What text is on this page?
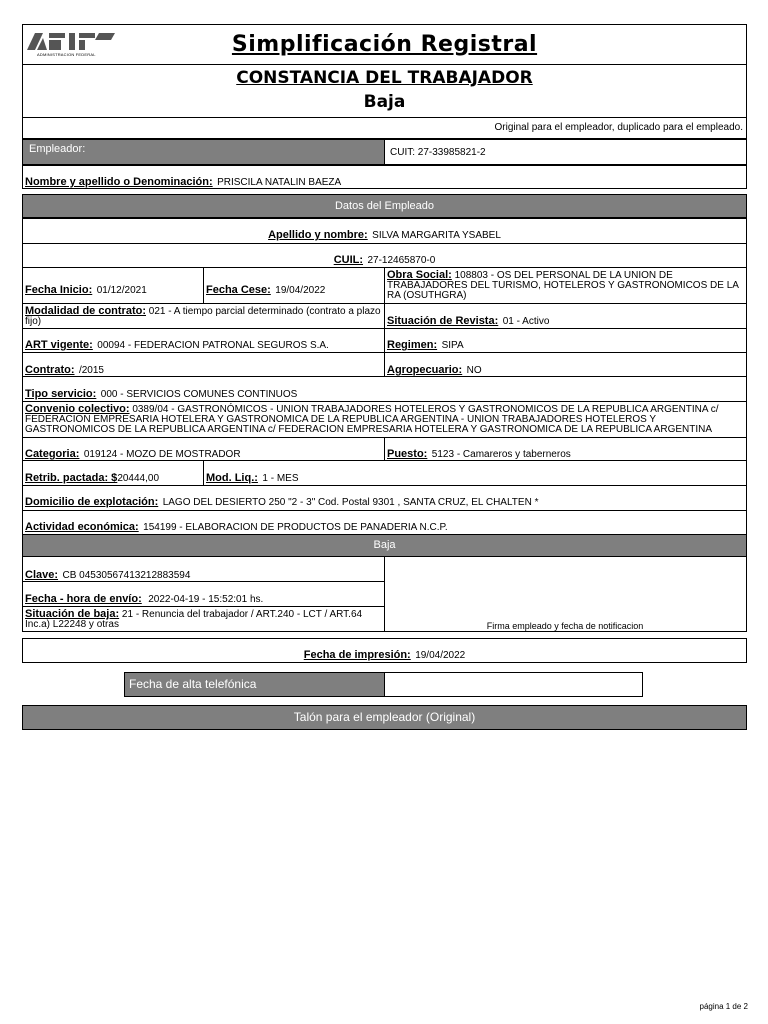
ADMINISTRACION FEDERAL	Simplificación Registral
CONSTANCIA DEL TRABAJADOR
Baja
Original para el empleador, duplicado para el empleado.
Empleador:	CUIT: 27-33985821-2
Nombre y apellido o Denominación: PRISCILA NATALIN BAEZA
Datos del Empleado
Apellido y nombre: SILVA MARGARITA YSABEL
CUIL: 27-12465870-0
Fecha Inicio: 01/12/2021	Fecha Cese: 19/04/2022
Obra Social: 108803 - OS DEL PERSONAL DE LA UNION DE TRABAJADORES DEL TURISMO, HOTELEROS Y GASTRONOMICOS DE LA RA (OSUTHGRA)
Modalidad de contrato: 021 - A tiempo parcial determinado (contrato a plazo fijo)	Situación de Revista: 01 - Activo
ART vigente: 00094 - FEDERACION PATRONAL SEGUROS S.A.	Regimen: SIPA
Contrato: /2015	Agropecuario: NO
Tipo servicio: 000 - SERVICIOS COMUNES CONTINUOS
Convenio colectivo: 0389/04 - GASTRONÓMICOS - UNION TRABAJADORES HOTELEROS Y GASTRONOMICOS DE LA REPUBLICA ARGENTINA c/ FEDERACION EMPRESARIA HOTELERA Y GASTRONOMICA DE LA REPUBLICA ARGENTINA - UNION TRABAJADORES HOTELEROS Y GASTRONOMICOS DE LA REPUBLICA ARGENTINA c/ FEDERACION EMPRESARIA HOTELERA Y GASTRONOMICA DE LA REPUBLICA ARGENTINA
Categoria: 019124 - MOZO DE MOSTRADOR	Puesto: 5123 - Camareros y taberneros
Retrib. pactada: $20444,00	Mod. Liq.: 1 - MES
Domicilio de explotación: LAGO DEL DESIERTO 250 "2 - 3" Cod. Postal 9301 , SANTA CRUZ, EL CHALTEN *
Actividad económica: 154199 - ELABORACION DE PRODUCTOS DE PANADERIA N.C.P.
Baja
Clave: CB 04530567413212883594
Fecha - hora de envío: 2022-04-19 - 15:52:01 hs.
Situación de baja: 21 - Renuncia del trabajador / ART.240 - LCT / ART.64 Inc.a) L22248 y otras	Firma empleado y fecha de notificacion
Fecha de impresión: 19/04/2022
Fecha de alta telefónica
Talón para el empleador (Original)
página 1 de 2
